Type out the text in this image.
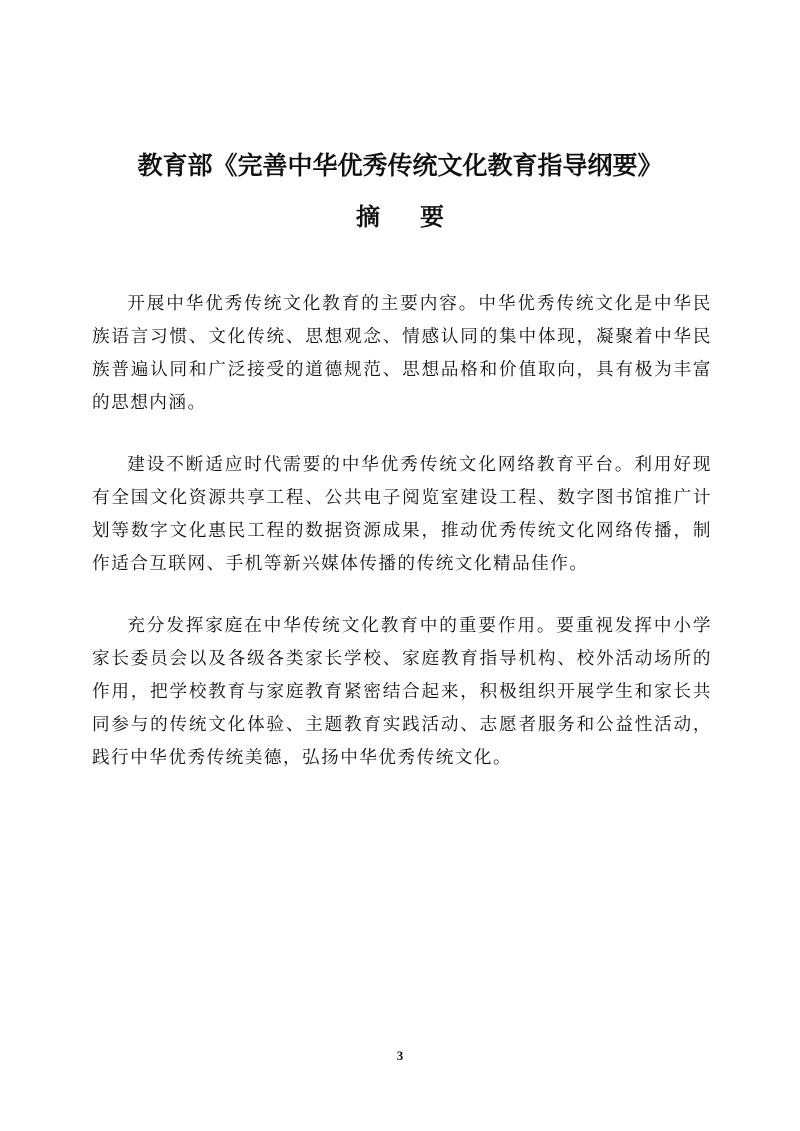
教育部《完善中华优秀传统文化教育指导纲要》
摘 要

开展中华优秀传统文化教育的主要内容。中华优秀传统文化是中华民族语言习惯、文化传统、思想观念、情感认同的集中体现，凝聚着中华民族普遍认同和广泛接受的道德规范、思想品格和价值取向，具有极为丰富的思想内涵。

建设不断适应时代需要的中华优秀传统文化网络教育平台。利用好现有全国文化资源共享工程、公共电子阅览室建设工程、数字图书馆推广计划等数字文化惠民工程的数据资源成果，推动优秀传统文化网络传播，制作适合互联网、手机等新兴媒体传播的传统文化精品佳作。

充分发挥家庭在中华传统文化教育中的重要作用。要重视发挥中小学家长委员会以及各级各类家长学校、家庭教育指导机构、校外活动场所的作用，把学校教育与家庭教育紧密结合起来，积极组织开展学生和家长共同参与的传统文化体验、主题教育实践活动、志愿者服务和公益性活动，践行中华优秀传统美德，弘扬中华优秀传统文化。

3
